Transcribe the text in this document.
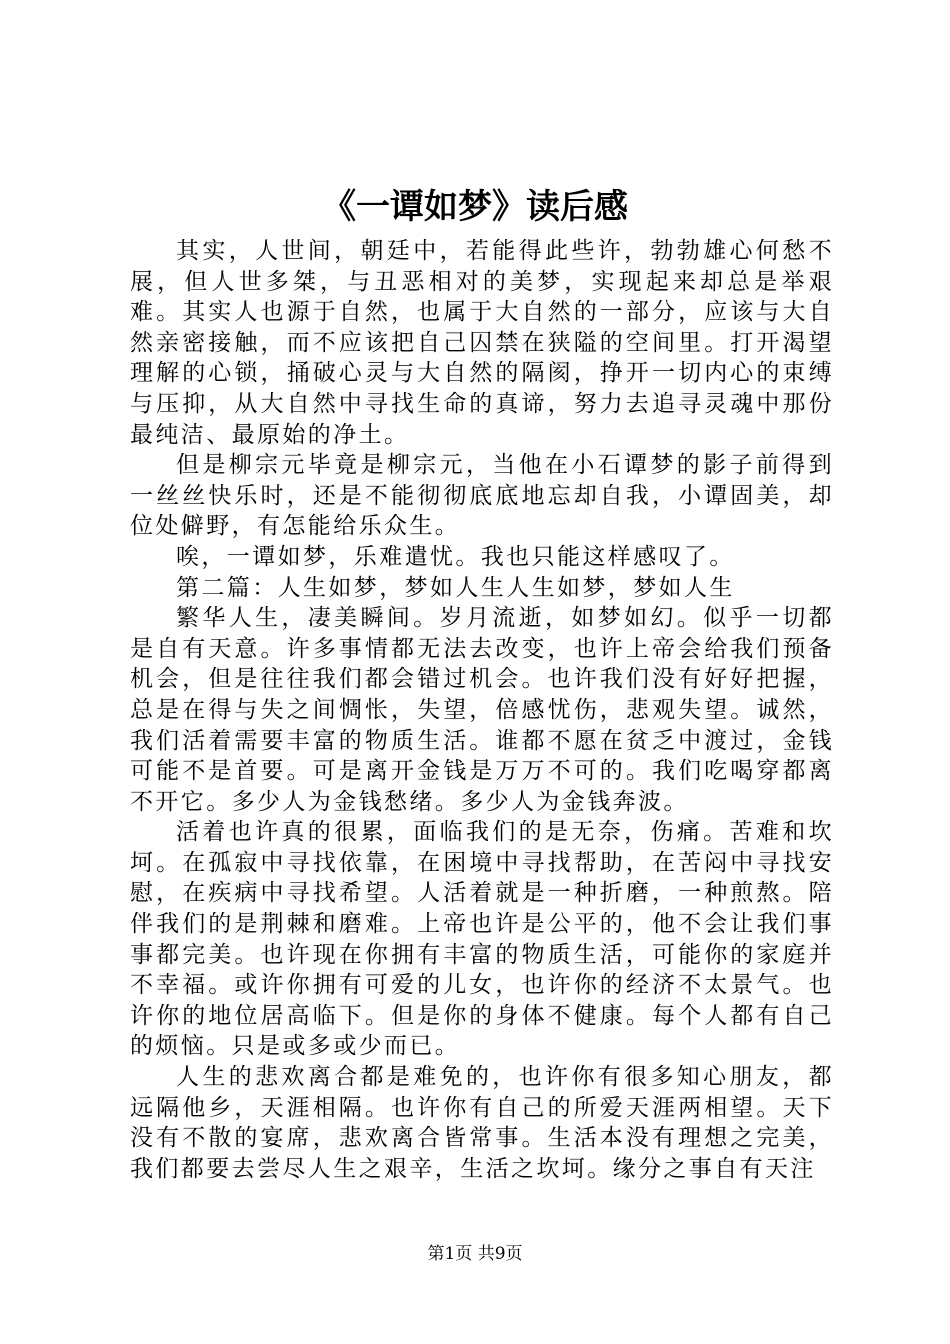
《一谭如梦》读后感

其实，人世间，朝廷中，若能得此些许，勃勃雄心何愁不展，但人世多桀，与丑恶相对的美梦，实现起来却总是举艰难。其实人也源于自然，也属于大自然的一部分，应该与大自然亲密接触，而不应该把自己囚禁在狭隘的空间里。打开渴望理解的心锁，捅破心灵与大自然的隔阂，挣开一切内心的束缚与压抑，从大自然中寻找生命的真谛，努力去追寻灵魂中那份最纯洁、最原始的净土。

但是柳宗元毕竟是柳宗元，当他在小石谭梦的影子前得到一丝丝快乐时，还是不能彻彻底底地忘却自我，小谭固美，却位处僻野，有怎能给乐众生。

唉，一谭如梦，乐难遣忧。我也只能这样感叹了。

第二篇：人生如梦，梦如人生人生如梦，梦如人生

繁华人生，凄美瞬间。岁月流逝，如梦如幻。似乎一切都是自有天意。许多事情都无法去改变，也许上帝会给我们预备机会，但是往往我们都会错过机会。也许我们没有好好把握，总是在得与失之间惆怅，失望，倍感忧伤，悲观失望。诚然，我们活着需要丰富的物质生活。谁都不愿在贫乏中渡过，金钱可能不是首要。可是离开金钱是万万不可的。我们吃喝穿都离不开它。多少人为金钱愁绪。多少人为金钱奔波。

活着也许真的很累，面临我们的是无奈，伤痛。苦难和坎坷。在孤寂中寻找依靠，在困境中寻找帮助，在苦闷中寻找安慰，在疾病中寻找希望。人活着就是一种折磨，一种煎熬。陪伴我们的是荆棘和磨难。上帝也许是公平的，他不会让我们事事都完美。也许现在你拥有丰富的物质生活，可能你的家庭并不幸福。或许你拥有可爱的儿女，也许你的经济不太景气。也许你的地位居高临下。但是你的身体不健康。每个人都有自己的烦恼。只是或多或少而已。

人生的悲欢离合都是难免的，也许你有很多知心朋友，都远隔他乡，天涯相隔。也许你有自己的所爱天涯两相望。天下没有不散的宴席，悲欢离合皆常事。生活本没有理想之完美，我们都要去尝尽人生之艰辛，生活之坎坷。缘分之事自有天注

第1页 共9页
